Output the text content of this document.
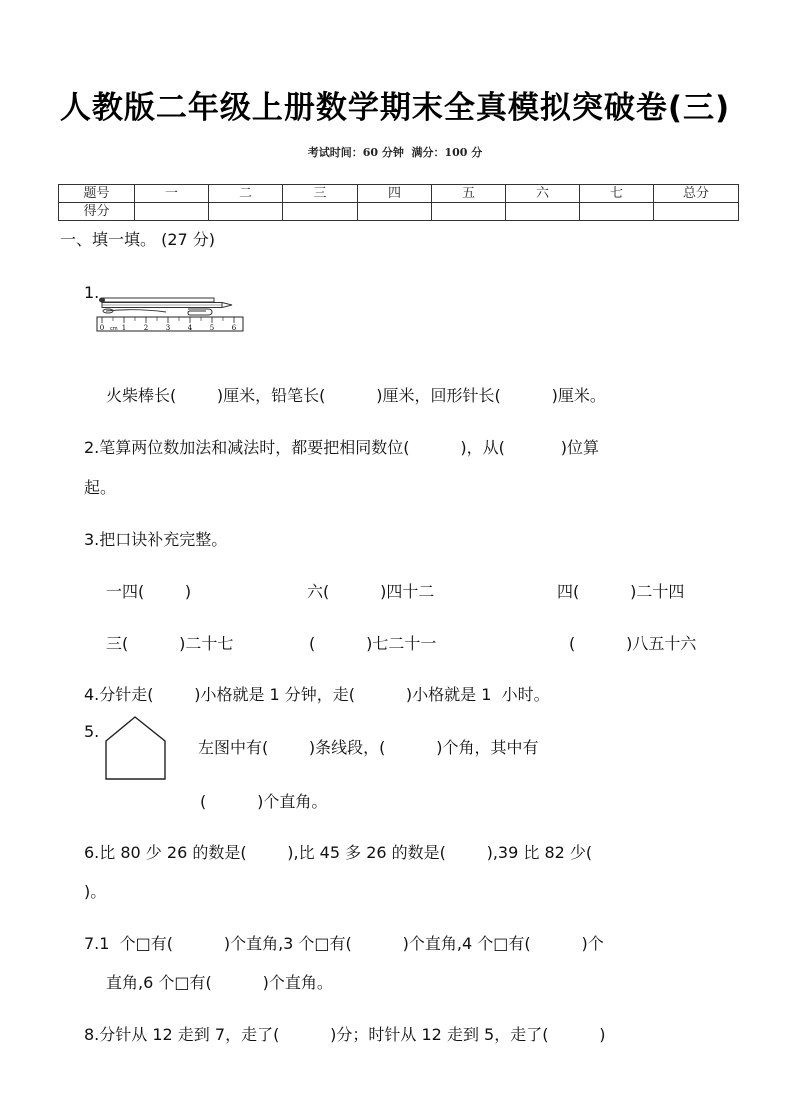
人教版二年级上册数学期末全真模拟突破卷(三)
考试时间：60 分钟  满分：100 分
题号	一	二	三	四	五	六	七	总分
得分								
一、填一填。 (27 分)
1.
0	1	2	3	4	5	6
cm
火柴棒长(        )厘米，铅笔长(          )厘米，回形针长(          )厘米。
2.笔算两位数加法和减法时，都要把相同数位(          )，从(           )位算
起。
3.把口诀补充完整。
一四(        )	六(          )四十二	四(          )二十四
三(          )二十七	(          )七二十一	(          )八五十六
4.分针走(        )小格就是 1 分钟，走(          )小格就是 1  小时。
5.
左图中有(        )条线段，(          )个角，其中有
(          )个直角。
6.比 80 少 26 的数是(        ),比 45 多 26 的数是(        ),39 比 82 少(
)。
7.1  个□有(          )个直角,3 个□有(          )个直角,4 个□有(          )个
直角,6 个□有(          )个直角。
8.分针从 12 走到 7，走了(          )分；时针从 12 走到 5，走了(          )
